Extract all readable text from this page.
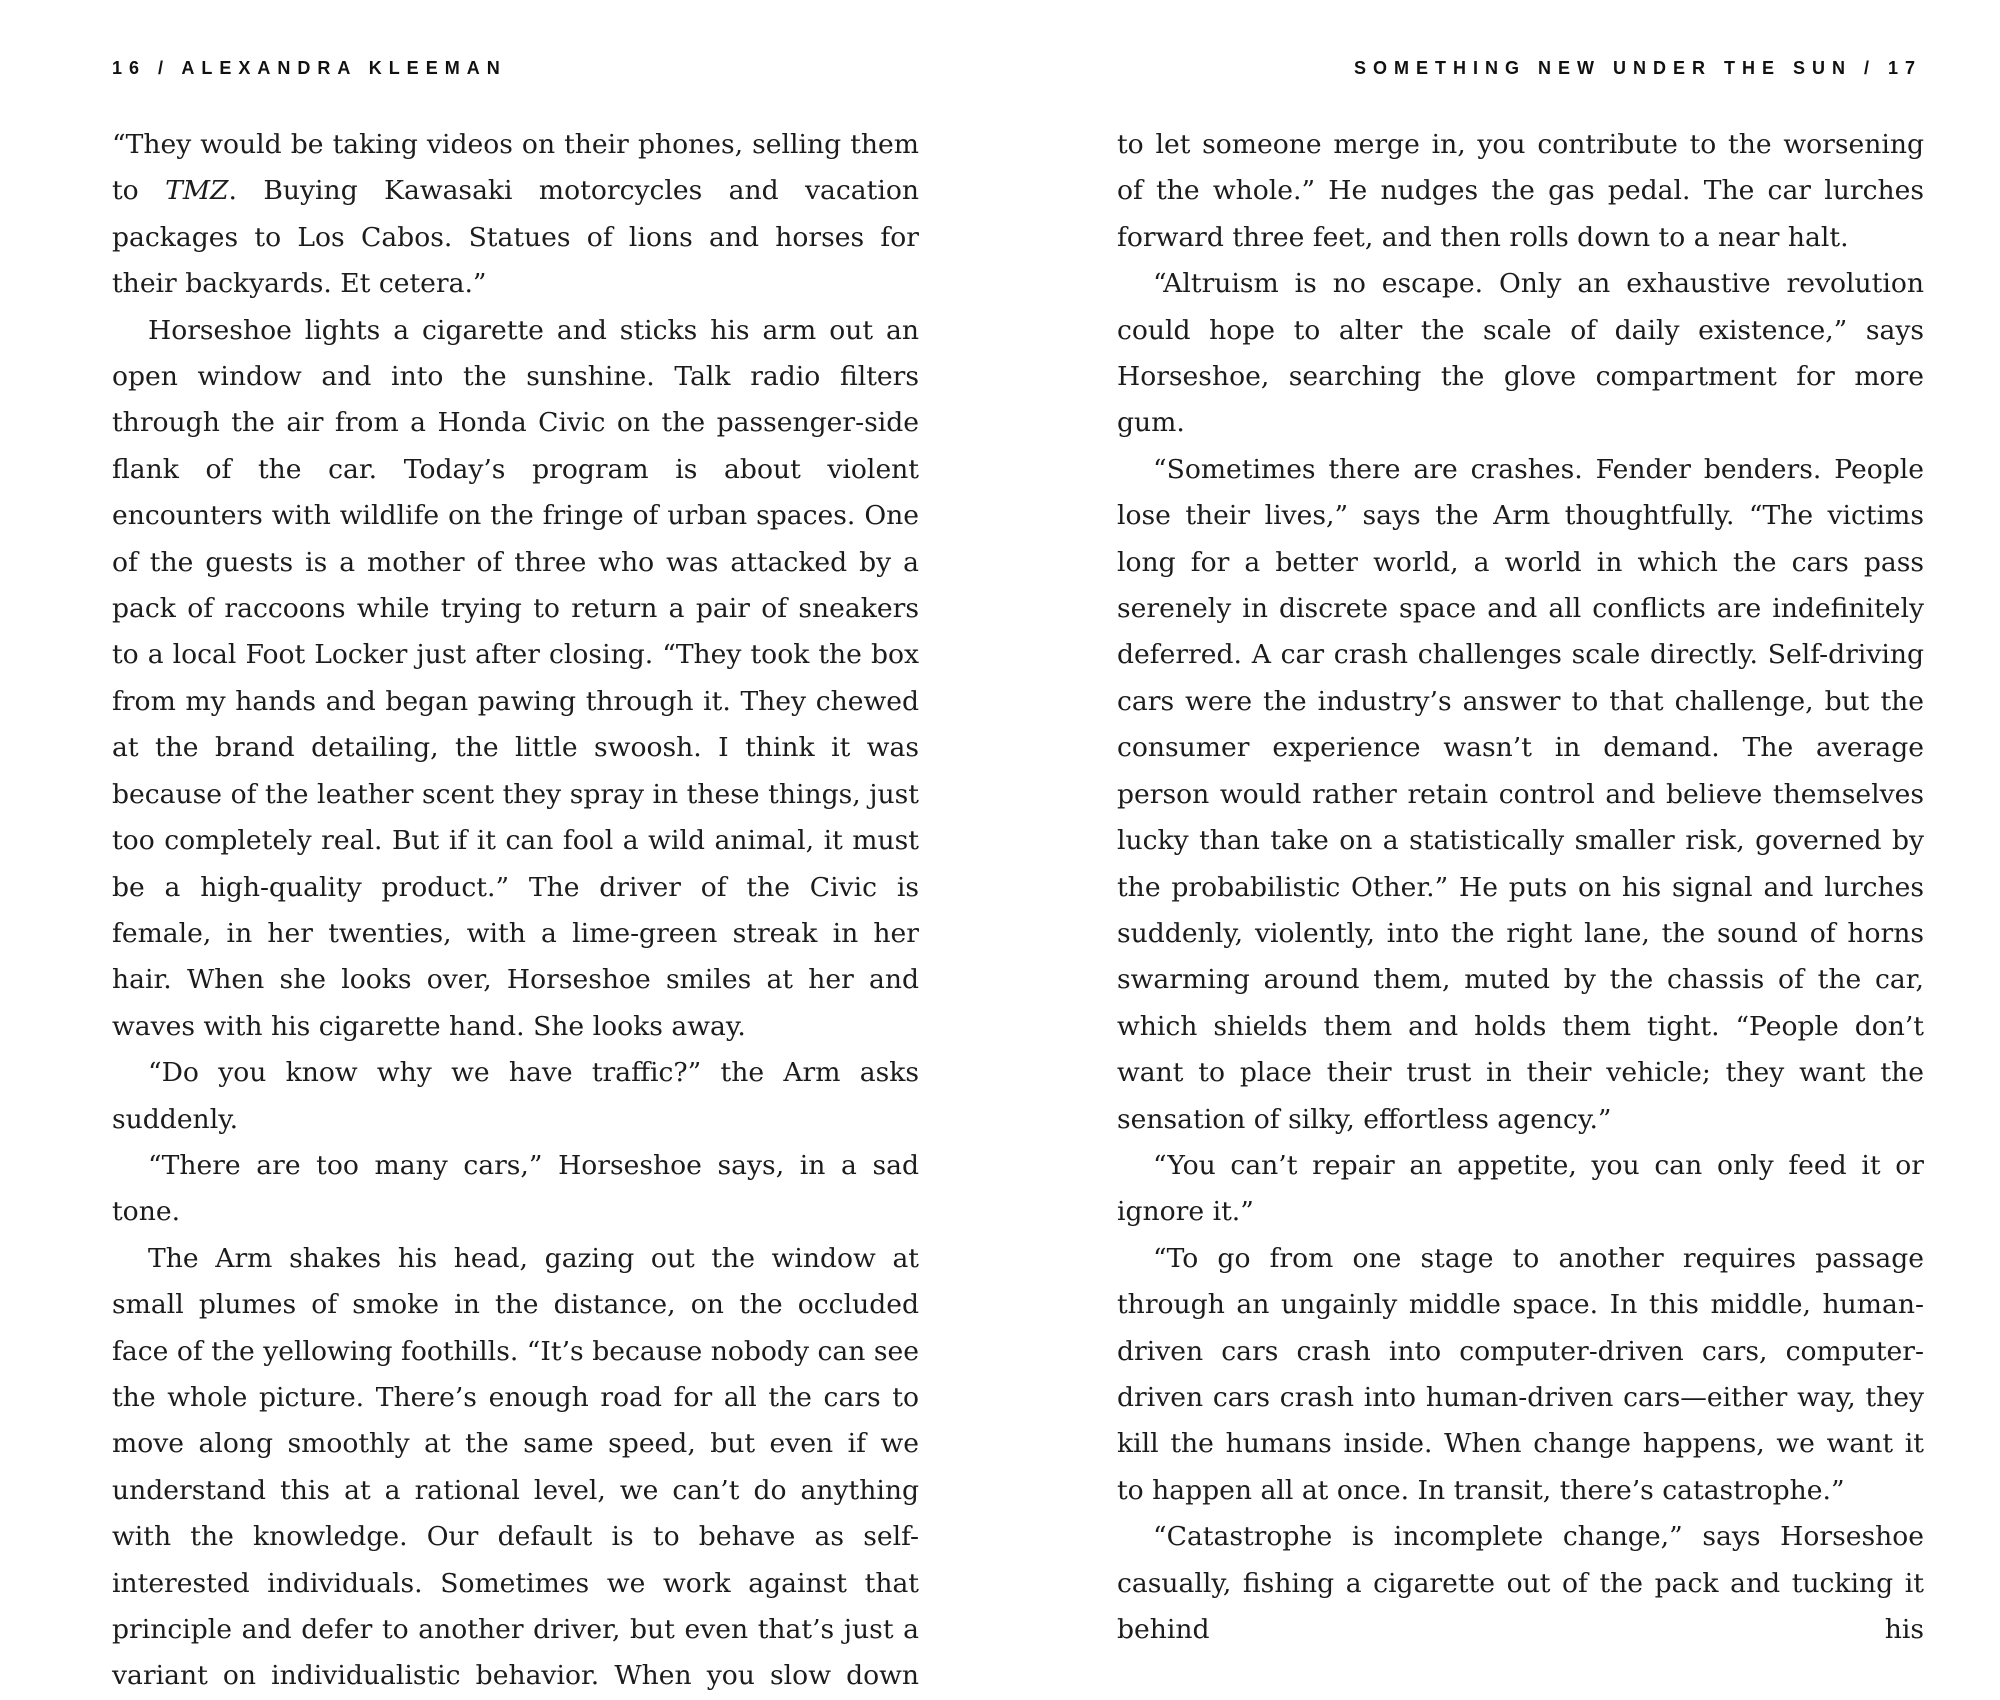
16 / ALEXANDRA KLEEMAN

“They would be taking videos on their phones, selling them to TMZ. Buying Kawasaki motorcycles and vacation packages to Los Cabos. Statues of lions and horses for their backyards. Et cetera.”

Horseshoe lights a cigarette and sticks his arm out an open window and into the sunshine. Talk radio filters through the air from a Honda Civic on the passenger-side flank of the car. Today’s program is about violent encounters with wildlife on the fringe of urban spaces. One of the guests is a mother of three who was attacked by a pack of raccoons while trying to return a pair of sneakers to a local Foot Locker just after closing. “They took the box from my hands and began pawing through it. They chewed at the brand detailing, the little swoosh. I think it was because of the leather scent they spray in these things, just too completely real. But if it can fool a wild animal, it must be a high-quality product.” The driver of the Civic is female, in her twenties, with a lime-green streak in her hair. When she looks over, Horseshoe smiles at her and waves with his cigarette hand. She looks away.

“Do you know why we have traffic?” the Arm asks suddenly.

“There are too many cars,” Horseshoe says, in a sad tone.

The Arm shakes his head, gazing out the window at small plumes of smoke in the distance, on the occluded face of the yellowing foothills. “It’s because nobody can see the whole picture. There’s enough road for all the cars to move along smoothly at the same speed, but even if we understand this at a rational level, we can’t do anything with the knowledge. Our default is to behave as self-interested individuals. Sometimes we work against that principle and defer to another driver, but even that’s just a variant on individualistic behavior. When you slow down

SOMETHING NEW UNDER THE SUN / 17

to let someone merge in, you contribute to the worsening of the whole.” He nudges the gas pedal. The car lurches forward three feet, and then rolls down to a near halt.

“Altruism is no escape. Only an exhaustive revolution could hope to alter the scale of daily existence,” says Horseshoe, searching the glove compartment for more gum.

“Sometimes there are crashes. Fender benders. People lose their lives,” says the Arm thoughtfully. “The victims long for a better world, a world in which the cars pass serenely in discrete space and all conflicts are indefinitely deferred. A car crash challenges scale directly. Self-driving cars were the industry’s answer to that challenge, but the consumer experience wasn’t in demand. The average person would rather retain control and believe themselves lucky than take on a statistically smaller risk, governed by the probabilistic Other.” He puts on his signal and lurches suddenly, violently, into the right lane, the sound of horns swarming around them, muted by the chassis of the car, which shields them and holds them tight. “People don’t want to place their trust in their vehicle; they want the sensation of silky, effortless agency.”

“You can’t repair an appetite, you can only feed it or ignore it.”

“To go from one stage to another requires passage through an ungainly middle space. In this middle, human-driven cars crash into computer-driven cars, computer-driven cars crash into human-driven cars—either way, they kill the humans inside. When change happens, we want it to happen all at once. In transit, there’s catastrophe.”

“Catastrophe is incomplete change,” says Horseshoe casually, fishing a cigarette out of the pack and tucking it behind his
